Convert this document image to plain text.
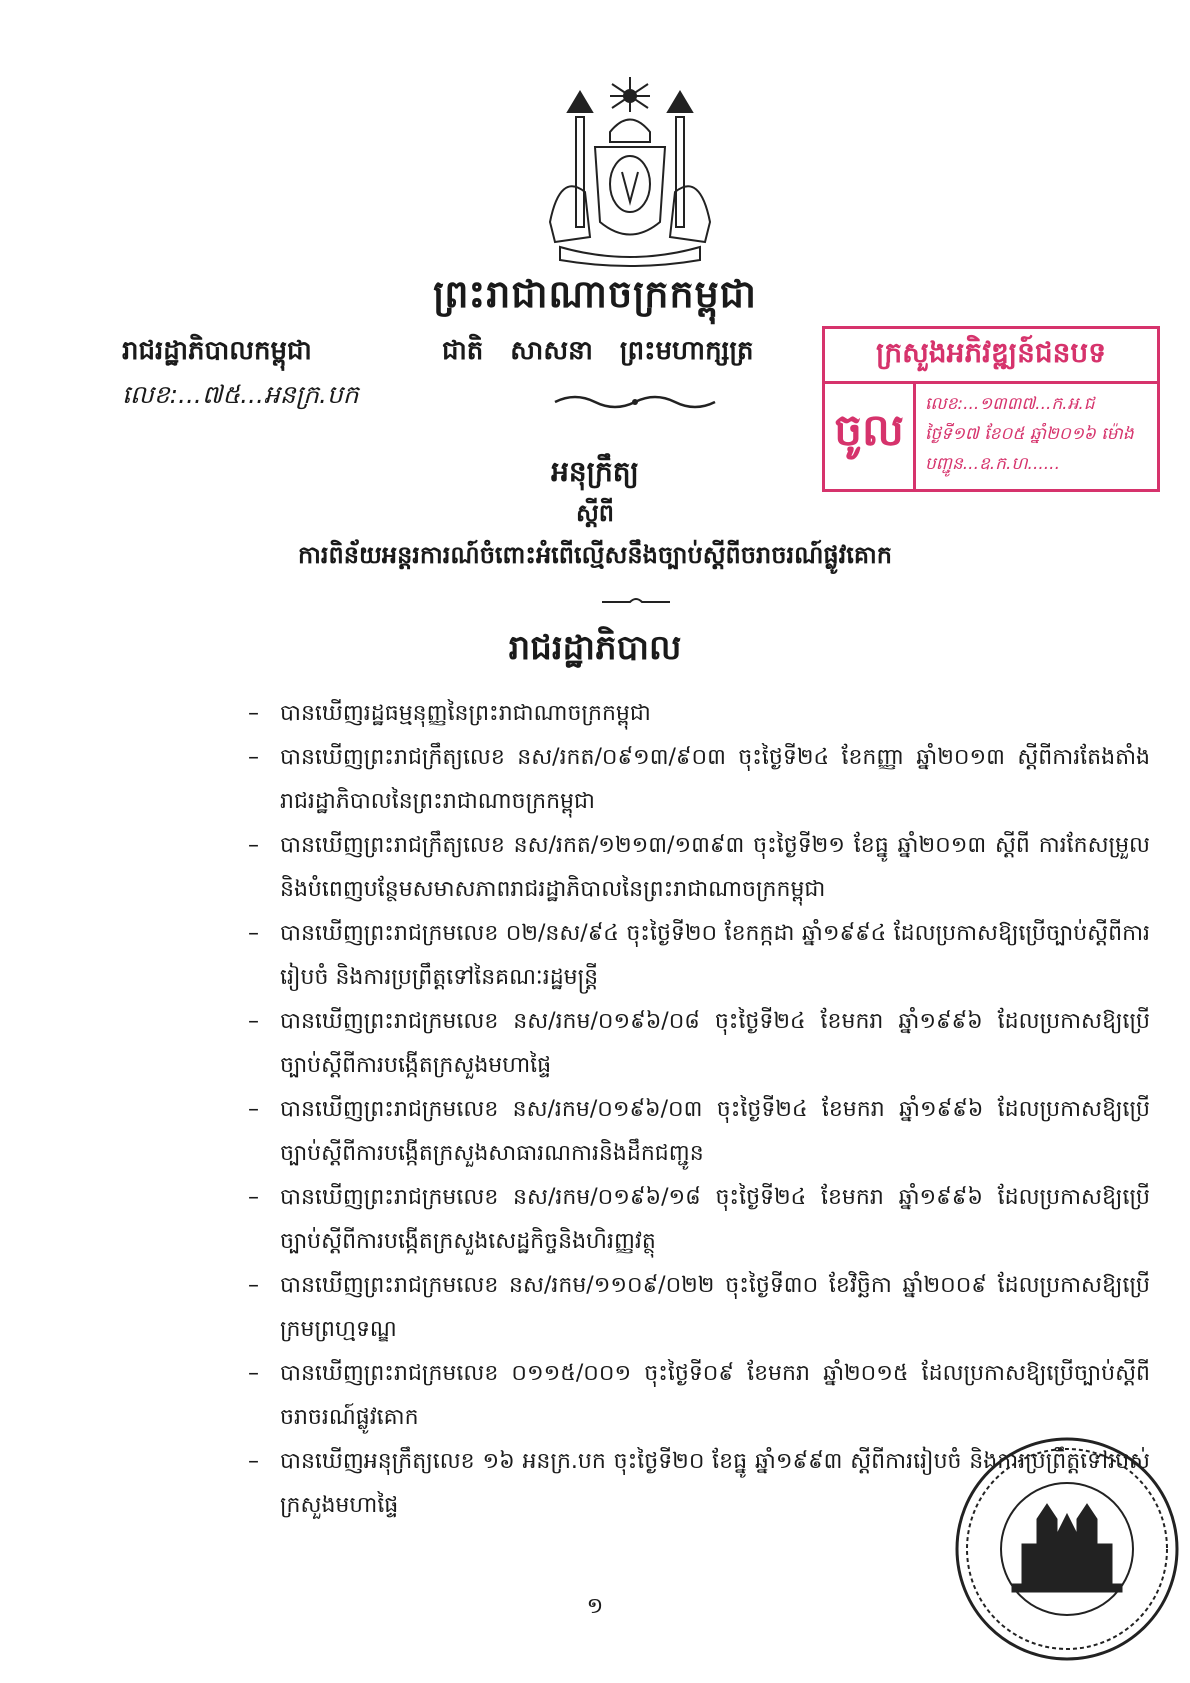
ព្រះរាជាណាចក្រកម្ពុជា
រាជរដ្ឋាភិបាលកម្ពុជា	ជាតិ សាសនា ព្រះមហាក្សត្រ
លេខ:...៧៥...អនក្រ.បក
ក្រសួងអភិវឌ្ឍន៍ជនបទ
ចូល
លេខ:...១៣៣៧...ក.អ.ជ
ថ្ងៃទី១៧ ខែ០៥ ឆ្នាំ២០១៦ ម៉ោង
បញ្ជូន...ឧ.ក.ហ......
អនុក្រឹត្យ
ស្តីពី
ការពិន័យអន្តរការណ៍ចំពោះអំពើល្មើសនឹងច្បាប់ស្តីពីចរាចរណ៍ផ្លូវគោក
រាជរដ្ឋាភិបាល
– បានឃើញរដ្ឋធម្មនុញ្ញនៃព្រះរាជាណាចក្រកម្ពុជា
– បានឃើញព្រះរាជក្រឹត្យលេខ នស/រកត/០៩១៣/៩០៣ ចុះថ្ងៃទី២៤ ខែកញ្ញា ឆ្នាំ២០១៣ ស្តីពីការតែងតាំងរាជរដ្ឋាភិបាលនៃព្រះរាជាណាចក្រកម្ពុជា
– បានឃើញព្រះរាជក្រឹត្យលេខ នស/រកត/១២១៣/១៣៩៣ ចុះថ្ងៃទី២១ ខែធ្នូ ឆ្នាំ២០១៣ ស្តីពី ការកែសម្រួល និងបំពេញបន្ថែមសមាសភាពរាជរដ្ឋាភិបាលនៃព្រះរាជាណាចក្រកម្ពុជា
– បានឃើញព្រះរាជក្រមលេខ ០២/នស/៩៤ ចុះថ្ងៃទី២០ ខែកក្កដា ឆ្នាំ១៩៩៤ ដែលប្រកាសឱ្យប្រើច្បាប់ស្តីពីការរៀបចំ និងការប្រព្រឹត្តទៅនៃគណៈរដ្ឋមន្ត្រី
– បានឃើញព្រះរាជក្រមលេខ នស/រកម/០១៩៦/០៨ ចុះថ្ងៃទី២៤ ខែមករា ឆ្នាំ១៩៩៦ ដែលប្រកាសឱ្យប្រើច្បាប់ស្តីពីការបង្កើតក្រសួងមហាផ្ទៃ
– បានឃើញព្រះរាជក្រមលេខ នស/រកម/០១៩៦/០៣ ចុះថ្ងៃទី២៤ ខែមករា ឆ្នាំ១៩៩៦ ដែលប្រកាសឱ្យប្រើច្បាប់ស្តីពីការបង្កើតក្រសួងសាធារណការនិងដឹកជញ្ជូន
– បានឃើញព្រះរាជក្រមលេខ នស/រកម/០១៩៦/១៨ ចុះថ្ងៃទី២៤ ខែមករា ឆ្នាំ១៩៩៦ ដែលប្រកាសឱ្យប្រើច្បាប់ស្តីពីការបង្កើតក្រសួងសេដ្ឋកិច្ចនិងហិរញ្ញវត្ថុ
– បានឃើញព្រះរាជក្រមលេខ នស/រកម/១១០៩/០២២ ចុះថ្ងៃទី៣០ ខែវិច្ឆិកា ឆ្នាំ២០០៩ ដែលប្រកាសឱ្យប្រើក្រមព្រហ្មទណ្ឌ
– បានឃើញព្រះរាជក្រមលេខ ០១១៥/០០១ ចុះថ្ងៃទី០៩ ខែមករា ឆ្នាំ២០១៥ ដែលប្រកាសឱ្យប្រើច្បាប់ស្តីពីចរាចរណ៍ផ្លូវគោក
– បានឃើញអនុក្រឹត្យលេខ ១៦ អនក្រ.បក ចុះថ្ងៃទី២០ ខែធ្នូ ឆ្នាំ១៩៩៣ ស្តីពីការរៀបចំ និងការប្រព្រឹត្តទៅរបស់ក្រសួងមហាផ្ទៃ
១
